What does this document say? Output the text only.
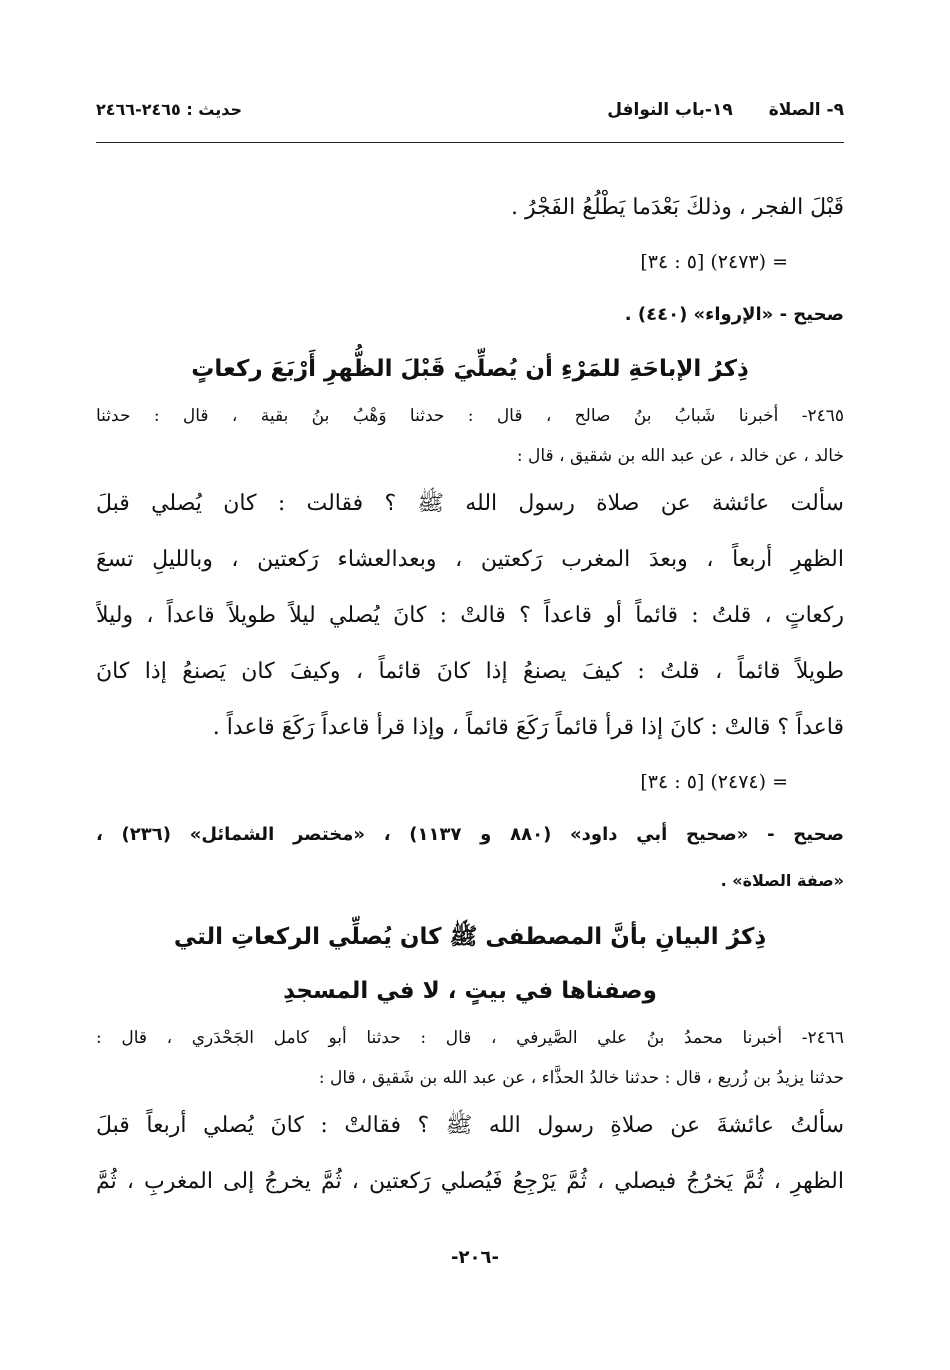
٩- الصلاة١٩-باب النوافل
حديث : ٢٤٦٥-٢٤٦٦
قَبْلَ الفجر ، وذلكَ بَعْدَما يَطْلُعُ الفَجْرُ .
= (٢٤٧٣) [٥ : ٣٤]
صحيح - «الإرواء» (٤٤٠) .
ذِكرُ الإباحَةِ للمَرْءِ أن يُصلِّيَ قَبْلَ الظُّهرِ أَرْبَعَ ركعاتٍ
٢٤٦٥- أخبرنا شَبابُ بنُ صالح ، قال : حدثنا وَهْبُ بنُ بقية ، قال : حدثنا
خالد ، عن خالد ، عن عبد الله بن شقيق ، قال :
سألت عائشة عن صلاة رسول الله ﷺ ؟ فقالت : كان يُصلي قبلَ
الظهرِ أربعاً ، وبعدَ المغرب رَكعتين ، وبعدالعشاء رَكعتين ، وبالليلِ تسعَ
ركعاتٍ ، قلتُ : قائماً أو قاعداً ؟ قالتْ : كانَ يُصلي ليلاً طويلاً قاعداً ، وليلاً
طويلاً قائماً ، قلتُ : كيفَ يصنعُ إذا كانَ قائماً ، وكيفَ كان يَصنعُ إذا كانَ
قاعداً ؟ قالتْ : كانَ إذا قرأ قائماً رَكَعَ قائماً ، وإذا قرأ قاعداً رَكَعَ قاعداً .
= (٢٤٧٤) [٥ : ٣٤]
صحيح - «صحيح أبي داود» (٨٨٠ و ١١٣٧) ، «مختصر الشمائل» (٢٣٦) ،
«صفة الصلاة» .
ذِكرُ البيانِ بأنَّ المصطفى ﷺ كان يُصلِّي الركعاتِ التي
وصفناها في بيتٍ ، لا في المسجدِ
٢٤٦٦- أخبرنا محمدُ بنُ علي الصَّيرفي ، قال : حدثنا أبو كامل الجَحْدَري ، قال :
حدثنا يزيدُ بن زُريع ، قال : حدثنا خالدُ الحذَّاء ، عن عبد الله بن شَقيق ، قال :
سألتُ عائشةَ عن صلاةِ رسول الله ﷺ ؟ فقالتْ : كانَ يُصلي أربعاً قبلَ
الظهرِ ، ثُمَّ يَخرُجُ فيصلي ، ثُمَّ يَرْجِعُ فَيُصلي رَكعتين ، ثُمَّ يخرجُ إلى المغربِ ، ثُمَّ
-٢٠٦-
